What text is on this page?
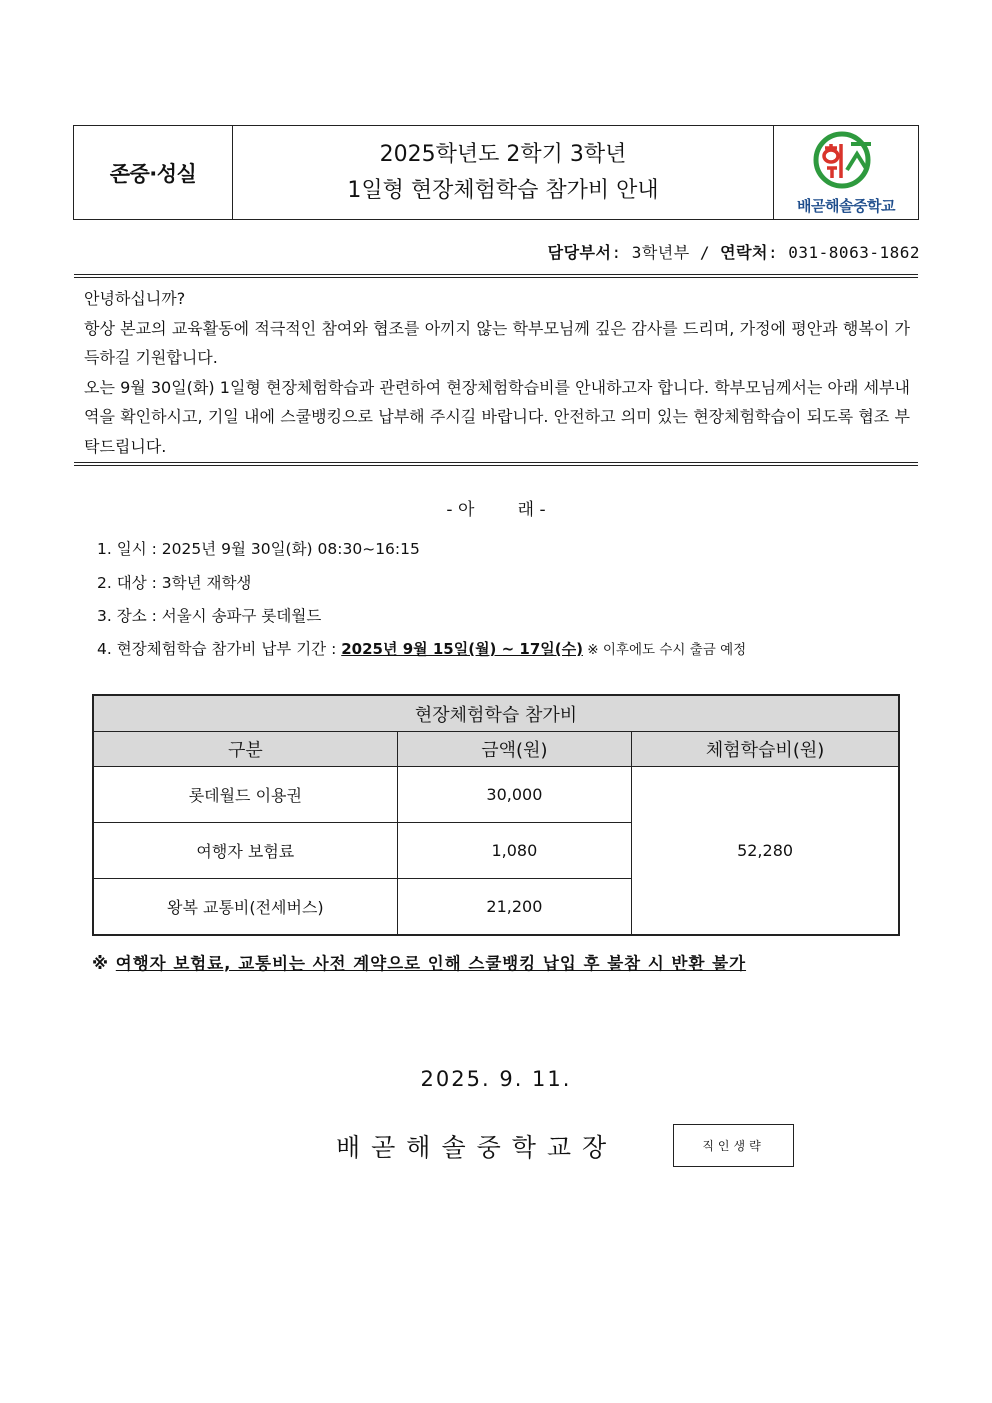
존중·성실
2025학년도 2학기 3학년
1일형 현장체험학습 참가비 안내
배곧해솔중학교
담당부서: 3학년부 / 연락처: 031-8063-1862

안녕하십니까?

항상 본교의 교육활동에 적극적인 참여와 협조를 아끼지 않는 학부모님께 깊은 감사를 드리며, 가정에 평안과 행복이 가득하길 기원합니다.

오는 9월 30일(화) 1일형 현장체험학습과 관련하여 현장체험학습비를 안내하고자 합니다. 학부모님께서는 아래 세부내역을 확인하시고, 기일 내에 스쿨뱅킹으로 납부해 주시길 바랍니다. 안전하고 의미 있는 현장체험학습이 되도록 협조 부탁드립니다.

- 아        래 -
1. 일시 : 2025년 9월 30일(화) 08:30~16:15
2. 대상 : 3학년 재학생
3. 장소 : 서울시 송파구 롯데월드
4. 현장체험학습 참가비 납부 기간 : 2025년 9월 15일(월) ~ 17일(수) ※ 이후에도 수시 출금 예정
현장체험학습 참가비		
구분	금액(원)	체험학습비(원)
롯데월드 이용권	30,000	52,280
여행자 보험료	1,080	
왕복 교통비(전세버스)	21,200	
※ 여행자 보험료, 교통비는 사전 계약으로 인해 스쿨뱅킹 납입 후 불참 시 반환 불가
2025. 9. 11.
배곧해솔중학교장	직인생략
